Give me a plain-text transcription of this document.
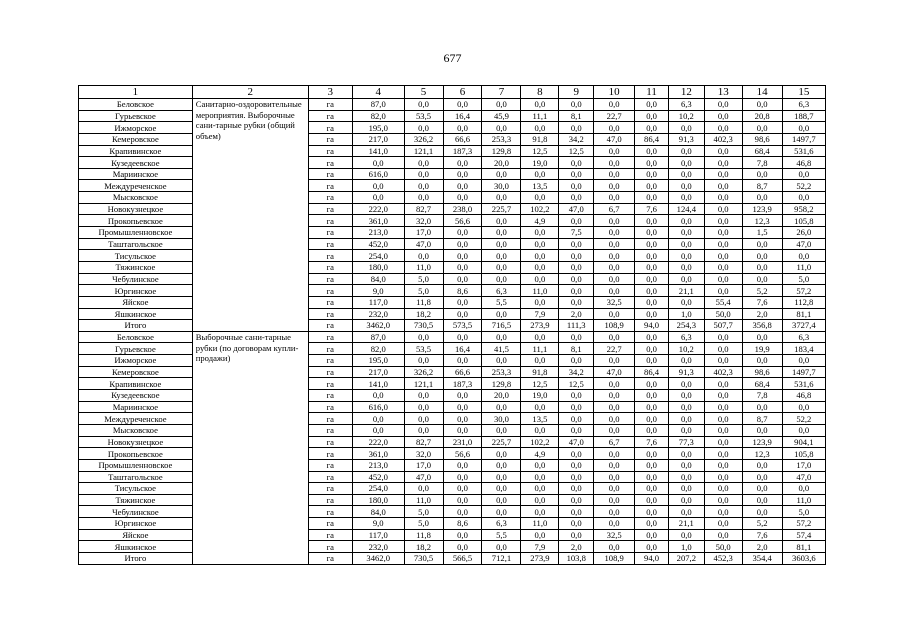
677
1	2	3	4	5	6	7	8	9	10	11	12	13	14	15
Беловское	Санитарно-оздоровительные мероприятия. Выборочные сани-тарные рубки (общий объем)	га	87,0	0,0	0,0	0,0	0,0	0,0	0,0	0,0	6,3	0,0	0,0	6,3
Гурьевское		га	82,0	53,5	16,4	45,9	11,1	8,1	22,7	0,0	10,2	0,0	20,8	188,7
Ижморское		га	195,0	0,0	0,0	0,0	0,0	0,0	0,0	0,0	0,0	0,0	0,0	0,0
Кемеровское		га	217,0	326,2	66,6	253,3	91,8	34,2	47,0	86,4	91,3	402,3	98,6	1497,7
Крапивинское		га	141,0	121,1	187,3	129,8	12,5	12,5	0,0	0,0	0,0	0,0	68,4	531,6
Кузедеевское		га	0,0	0,0	0,0	20,0	19,0	0,0	0,0	0,0	0,0	0,0	7,8	46,8
Мариинское		га	616,0	0,0	0,0	0,0	0,0	0,0	0,0	0,0	0,0	0,0	0,0	0,0
Междуреченское		га	0,0	0,0	0,0	30,0	13,5	0,0	0,0	0,0	0,0	0,0	8,7	52,2
Мысковское		га	0,0	0,0	0,0	0,0	0,0	0,0	0,0	0,0	0,0	0,0	0,0	0,0
Новокузнецкое		га	222,0	82,7	238,0	225,7	102,2	47,0	6,7	7,6	124,4	0,0	123,9	958,2
Прокопьевское		га	361,0	32,0	56,6	0,0	4,9	0,0	0,0	0,0	0,0	0,0	12,3	105,8
Промышленновское		га	213,0	17,0	0,0	0,0	0,0	7,5	0,0	0,0	0,0	0,0	1,5	26,0
Таштагольское		га	452,0	47,0	0,0	0,0	0,0	0,0	0,0	0,0	0,0	0,0	0,0	47,0
Тисульское		га	254,0	0,0	0,0	0,0	0,0	0,0	0,0	0,0	0,0	0,0	0,0	0,0
Тяжинское		га	180,0	11,0	0,0	0,0	0,0	0,0	0,0	0,0	0,0	0,0	0,0	11,0
Чебулинское		га	84,0	5,0	0,0	0,0	0,0	0,0	0,0	0,0	0,0	0,0	0,0	5,0
Юргинское		га	9,0	5,0	8,6	6,3	11,0	0,0	0,0	0,0	21,1	0,0	5,2	57,2
Яйское		га	117,0	11,8	0,0	5,5	0,0	0,0	32,5	0,0	0,0	55,4	7,6	112,8
Яшкинское		га	232,0	18,2	0,0	0,0	7,9	2,0	0,0	0,0	1,0	50,0	2,0	81,1
Итого		га	3462,0	730,5	573,5	716,5	273,9	111,3	108,9	94,0	254,3	507,7	356,8	3727,4
Беловское	Выборочные сани-тарные рубки (по договорам купли-продажи)	га	87,0	0,0	0,0	0,0	0,0	0,0	0,0	0,0	6,3	0,0	0,0	6,3
Гурьевское		га	82,0	53,5	16,4	41,5	11,1	8,1	22,7	0,0	10,2	0,0	19,9	183,4
Ижморское		га	195,0	0,0	0,0	0,0	0,0	0,0	0,0	0,0	0,0	0,0	0,0	0,0
Кемеровское		га	217,0	326,2	66,6	253,3	91,8	34,2	47,0	86,4	91,3	402,3	98,6	1497,7
Крапивинское		га	141,0	121,1	187,3	129,8	12,5	12,5	0,0	0,0	0,0	0,0	68,4	531,6
Кузедеевское		га	0,0	0,0	0,0	20,0	19,0	0,0	0,0	0,0	0,0	0,0	7,8	46,8
Мариинское		га	616,0	0,0	0,0	0,0	0,0	0,0	0,0	0,0	0,0	0,0	0,0	0,0
Междуреченское		га	0,0	0,0	0,0	30,0	13,5	0,0	0,0	0,0	0,0	0,0	8,7	52,2
Мысковское		га	0,0	0,0	0,0	0,0	0,0	0,0	0,0	0,0	0,0	0,0	0,0	0,0
Новокузнецкое		га	222,0	82,7	231,0	225,7	102,2	47,0	6,7	7,6	77,3	0,0	123,9	904,1
Прокопьевское		га	361,0	32,0	56,6	0,0	4,9	0,0	0,0	0,0	0,0	0,0	12,3	105,8
Промышленновское		га	213,0	17,0	0,0	0,0	0,0	0,0	0,0	0,0	0,0	0,0	0,0	17,0
Таштагольское		га	452,0	47,0	0,0	0,0	0,0	0,0	0,0	0,0	0,0	0,0	0,0	47,0
Тисульское		га	254,0	0,0	0,0	0,0	0,0	0,0	0,0	0,0	0,0	0,0	0,0	0,0
Тяжинское		га	180,0	11,0	0,0	0,0	0,0	0,0	0,0	0,0	0,0	0,0	0,0	11,0
Чебулинское		га	84,0	5,0	0,0	0,0	0,0	0,0	0,0	0,0	0,0	0,0	0,0	5,0
Юргинское		га	9,0	5,0	8,6	6,3	11,0	0,0	0,0	0,0	21,1	0,0	5,2	57,2
Яйское		га	117,0	11,8	0,0	5,5	0,0	0,0	32,5	0,0	0,0	0,0	7,6	57,4
Яшкинское		га	232,0	18,2	0,0	0,0	7,9	2,0	0,0	0,0	1,0	50,0	2,0	81,1
Итого		га	3462,0	730,5	566,5	712,1	273,9	103,8	108,9	94,0	207,2	452,3	354,4	3603,6
